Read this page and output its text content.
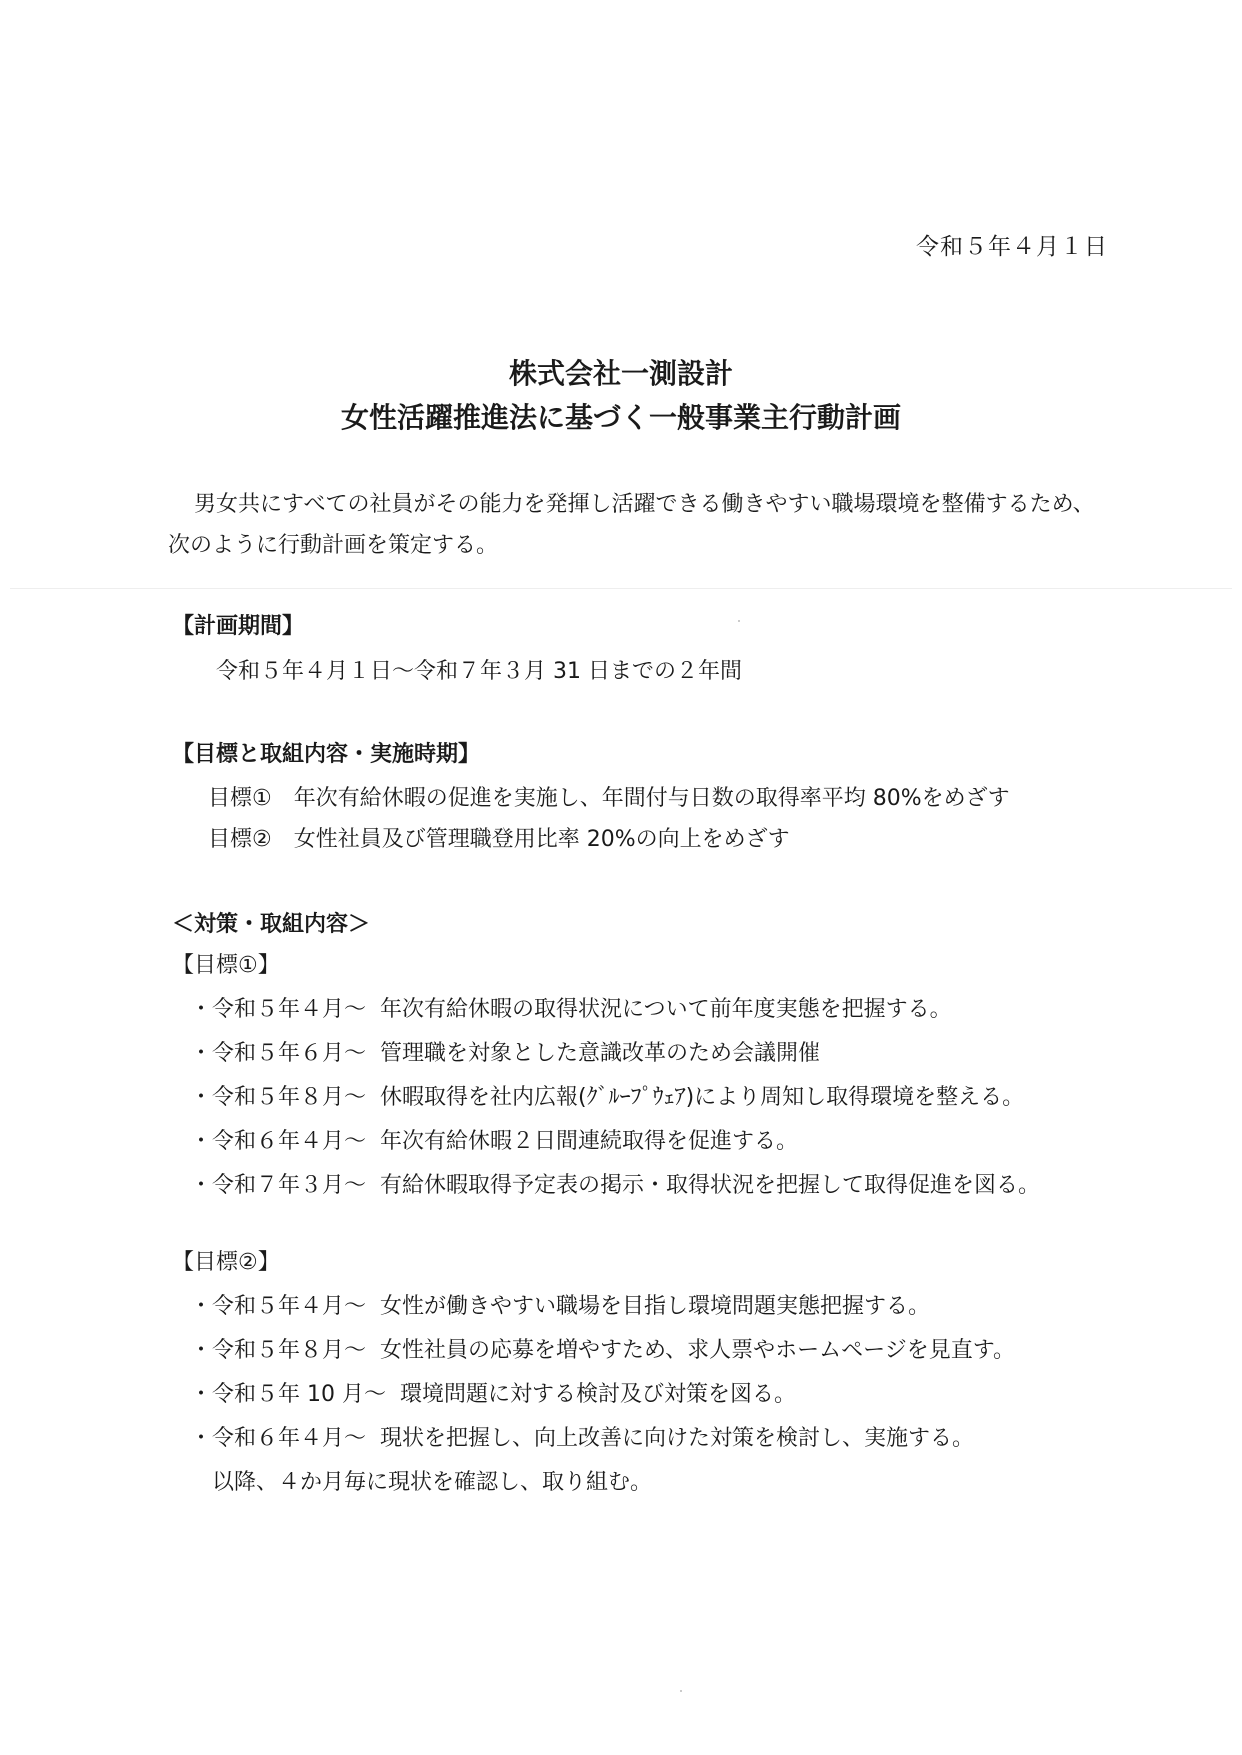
令和５年４月１日
株式会社一測設計
女性活躍推進法に基づく一般事業主行動計画
男女共にすべての社員がその能力を発揮し活躍できる働きやすい職場環境を整備するため、
次のように行動計画を策定する。
【計画期間】
令和５年４月１日～令和７年３月 31 日までの２年間
【目標と取組内容・実施時期】
目標① 年次有給休暇の促進を実施し、年間付与日数の取得率平均 80%をめざす
目標② 女性社員及び管理職登用比率 20%の向上をめざす
＜対策・取組内容＞
【目標①】
・令和５年４月～ 年次有給休暇の取得状況について前年度実態を把握する。
・令和５年６月～ 管理職を対象とした意識改革のため会議開催
・令和５年８月～ 休暇取得を社内広報(ｸﾞﾙｰﾌﾟｳｪｱ)により周知し取得環境を整える。
・令和６年４月～ 年次有給休暇２日間連続取得を促進する。
・令和７年３月～ 有給休暇取得予定表の掲示・取得状況を把握して取得促進を図る。
【目標②】
・令和５年４月～ 女性が働きやすい職場を目指し環境問題実態把握する。
・令和５年８月～ 女性社員の応募を増やすため、求人票やホームページを見直す。
・令和５年 10 月～ 環境問題に対する検討及び対策を図る。
・令和６年４月～ 現状を把握し、向上改善に向けた対策を検討し、実施する。
以降、４か月毎に現状を確認し、取り組む。
